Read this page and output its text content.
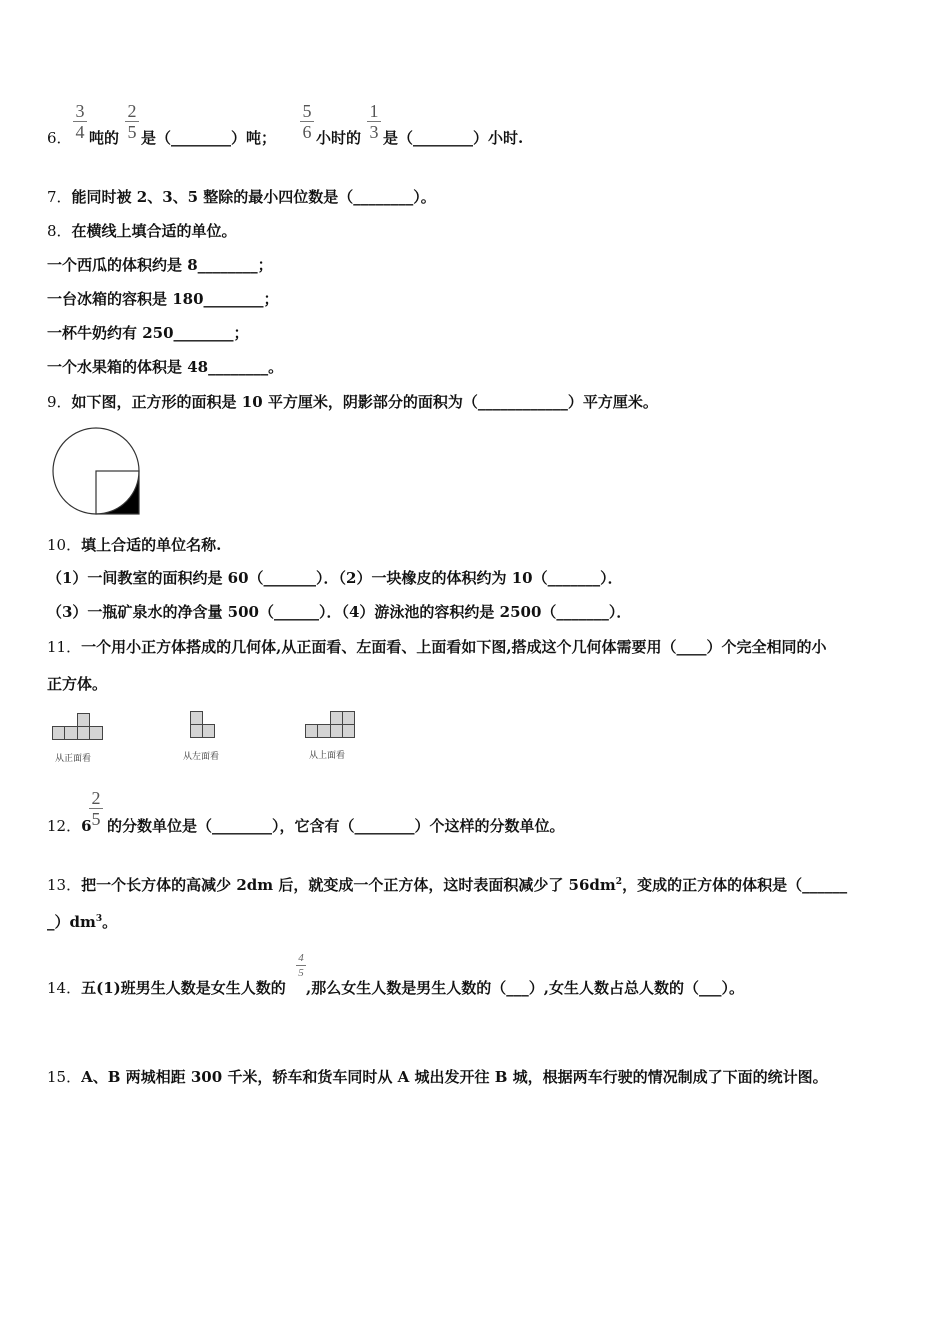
3
4
2
5
5
6
1
3
6． 吨的 是（________）吨；	小时的 是（________）小时.
7．能同时被 2、3、5 整除的最小四位数是（________）。
8．在横线上填合适的单位。
一个西瓜的体积约是 8________；
一台冰箱的容积是 180________；
一杯牛奶约有 250________；
一个水果箱的体积是 48________。
9．如下图，正方形的面积是 10 平方厘米，阴影部分的面积为（____________）平方厘米。
10．填上合适的单位名称.
（1）一间教室的面积约是 60（_______）．（2）一块橡皮的体积约为 10（_______）．
（3）一瓶矿泉水的净含量 500（______）．（4）游泳池的容积约是 2500（_______）．
11．一个用小正方体搭成的几何体,从正面看、左面看、上面看如下图,搭成这个几何体需要用（____）个完全相同的小
正方体。
从正面看	从左面看	从上面看
2
5
12．6 的分数单位是（________），它含有（________）个这样的分数单位。
13．把一个长方体的高减少 2dm 后，就变成一个正方体，这时表面积减少了 $56dm^2$，变成的正方体的体积是（______
$\_)dm^3$。
4
5
14．五(1)班男生人数是女生人数的 ,那么女生人数是男生人数的（___）,女生人数占总人数的（___）。
15．A、B 两城相距 300 千米，轿车和货车同时从 A 城出发开往 B 城，根据两车行驶的情况制成了下面的统计图。
